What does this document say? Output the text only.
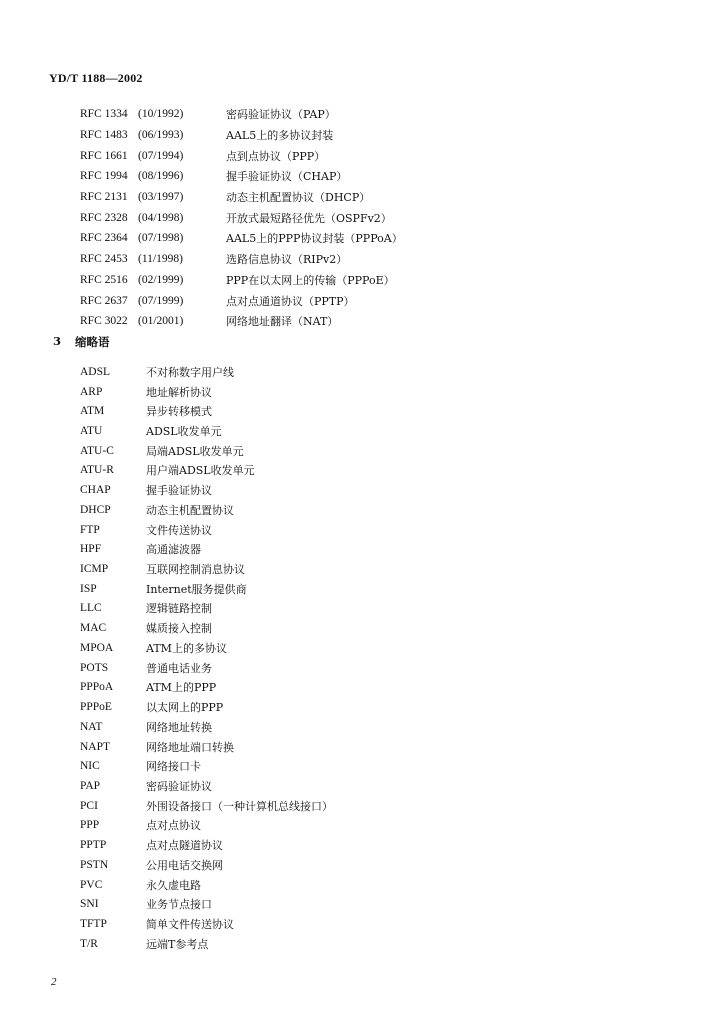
YD/T 1188—2002
RFC 1334 (10/1992)	密码验证协议（PAP）
RFC 1483 (06/1993)	AAL5上的多协议封装
RFC 1661 (07/1994)	点到点协议（PPP）
RFC 1994 (08/1996)	握手验证协议（CHAP）
RFC 2131 (03/1997)	动态主机配置协议（DHCP）
RFC 2328 (04/1998)	开放式最短路径优先（OSPFv2）
RFC 2364 (07/1998)	AAL5上的PPP协议封装（PPPoA）
RFC 2453 (11/1998)	选路信息协议（RIPv2）
RFC 2516 (02/1999)	PPP在以太网上的传输（PPPoE）
RFC 2637 (07/1999)	点对点通道协议（PPTP）
RFC 3022 (01/2001)	网络地址翻译（NAT）
3 缩略语
ADSL	不对称数字用户线
ARP	地址解析协议
ATM	异步转移模式
ATU	ADSL收发单元
ATU-C	局端ADSL收发单元
ATU-R	用户端ADSL收发单元
CHAP	握手验证协议
DHCP	动态主机配置协议
FTP	文件传送协议
HPF	高通滤波器
ICMP	互联网控制消息协议
ISP	Internet服务提供商
LLC	逻辑链路控制
MAC	媒质接入控制
MPOA	ATM上的多协议
POTS	普通电话业务
PPPoA	ATM上的PPP
PPPoE	以太网上的PPP
NAT	网络地址转换
NAPT	网络地址端口转换
NIC	网络接口卡
PAP	密码验证协议
PCI	外围设备接口（一种计算机总线接口）
PPP	点对点协议
PPTP	点对点隧道协议
PSTN	公用电话交换网
PVC	永久虚电路
SNI	业务节点接口
TFTP	简单文件传送协议
T/R	远端T参考点
2
